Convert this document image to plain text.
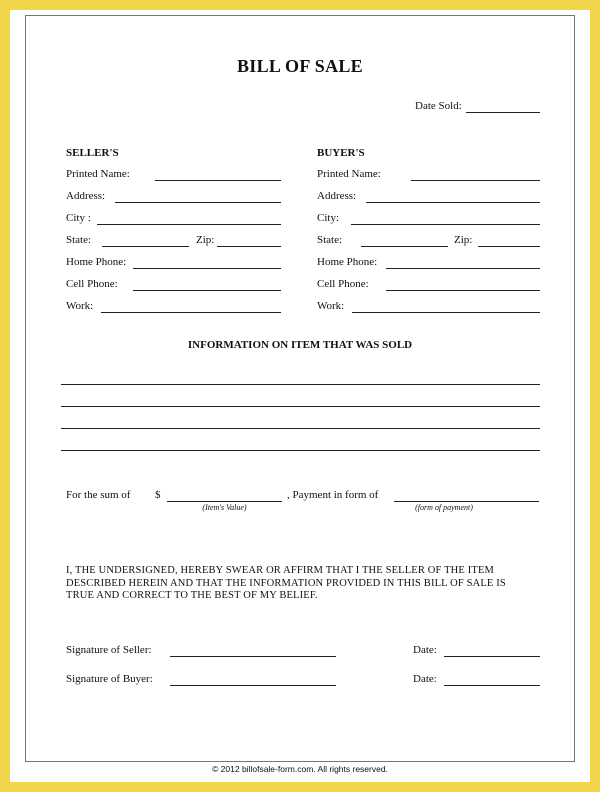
BILL OF SALE
Date Sold:
SELLER'S
Printed Name:
Address:
City :
State:	Zip:
Home Phone:
Cell Phone:
Work:
BUYER'S
Printed Name:
Address:
City:
State:	Zip:
Home Phone:
Cell Phone:
Work:
INFORMATION ON ITEM THAT WAS SOLD
For the sum of $
(Item's Value)
, Payment in form of
(form of payment)
I, THE UNDERSIGNED, HEREBY SWEAR OR AFFIRM THAT I THE SELLER OF THE ITEM
DESCRIBED HEREIN AND THAT THE INFORMATION PROVIDED IN THIS BILL OF SALE IS
TRUE AND CORRECT TO THE BEST OF MY BELIEF.
Signature of Seller:	Date:
Signature of Buyer:	Date:
© 2012 billofsale-form.com. All rights reserved.
